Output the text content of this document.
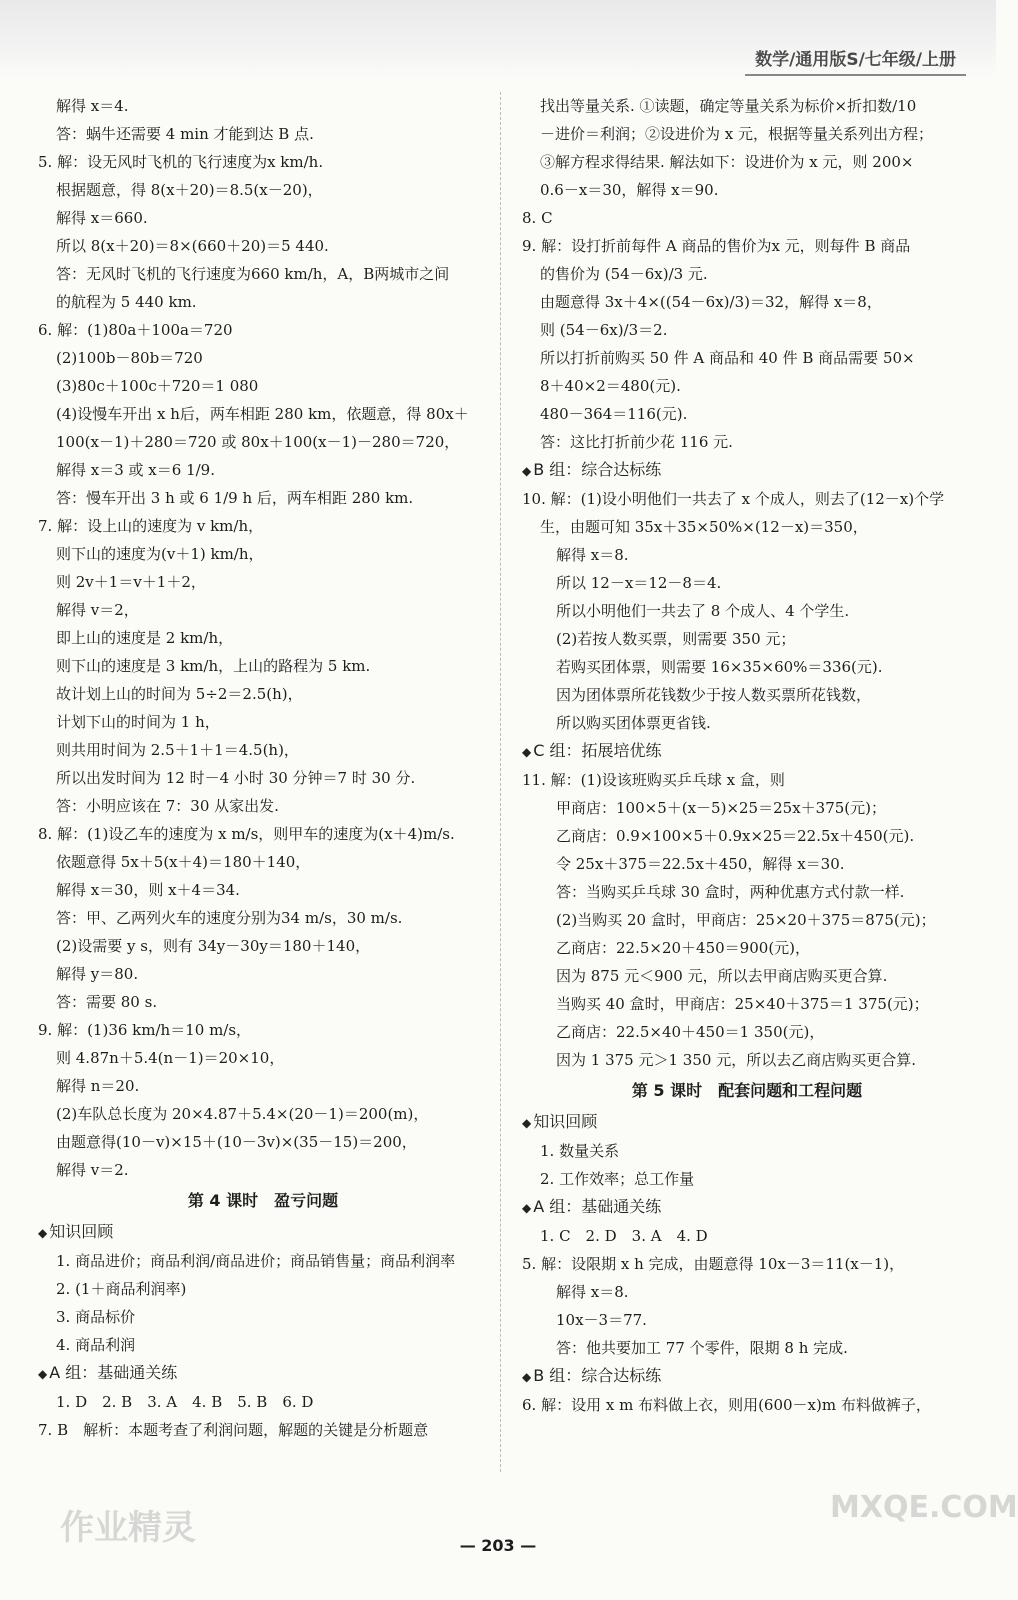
数学/通用版S/七年级/上册
解得 x＝4.
答：蜗牛还需要 4 min 才能到达 B 点.
5. 解：设无风时飞机的飞行速度为x km/h.
根据题意，得 8(x＋20)＝8.5(x－20)，
解得 x＝660.
所以 8(x＋20)＝8×(660＋20)＝5 440.
答：无风时飞机的飞行速度为660 km/h，A，B两城市之间
的航程为 5 440 km.
6. 解：(1)80a＋100a＝720
(2)100b－80b＝720
(3)80c＋100c＋720＝1 080
(4)设慢车开出 x h后，两车相距 280 km，依题意，得 80x＋
100(x－1)＋280＝720 或 80x＋100(x－1)－280＝720，
解得 x＝3 或 x＝6 1/9.
答：慢车开出 3 h 或 6 1/9 h 后，两车相距 280 km.
7. 解：设上山的速度为 v km/h，
则下山的速度为(v＋1) km/h，
则 2v＋1＝v＋1＋2，
解得 v＝2，
即上山的速度是 2 km/h，
则下山的速度是 3 km/h，上山的路程为 5 km.
故计划上山的时间为 5÷2＝2.5(h)，
计划下山的时间为 1 h，
则共用时间为 2.5＋1＋1＝4.5(h)，
所以出发时间为 12 时－4 小时 30 分钟＝7 时 30 分.
答：小明应该在 7：30 从家出发.
8. 解：(1)设乙车的速度为 x m/s，则甲车的速度为(x＋4)m/s.
依题意得 5x＋5(x＋4)＝180＋140，
解得 x＝30，则 x＋4＝34.
答：甲、乙两列火车的速度分别为34 m/s，30 m/s.
(2)设需要 y s，则有 34y－30y＝180＋140，
解得 y＝80.
答：需要 80 s.
9. 解：(1)36 km/h＝10 m/s，
则 4.87n＋5.4(n－1)＝20×10，
解得 n＝20.
(2)车队总长度为 20×4.87＋5.4×(20－1)＝200(m)，
由题意得(10－v)×15＋(10－3v)×(35－15)＝200，
解得 v＝2.
第 4 课时　盈亏问题
◆ 知识回顾
1. 商品进价；商品利润/商品进价；商品销售量；商品利润率
2. (1＋商品利润率)
3. 商品标价
4. 商品利润
◆ A 组：基础通关练
1. D　2. B　3. A　4. B　5. B　6. D
7. B　解析：本题考查了利润问题，解题的关键是分析题意
找出等量关系. ①读题，确定等量关系为标价×折扣数/10
－进价＝利润；②设进价为 x 元，根据等量关系列出方程；
③解方程求得结果. 解法如下：设进价为 x 元，则 200×
0.6－x＝30，解得 x＝90.
8. C
9. 解：设打折前每件 A 商品的售价为x 元，则每件 B 商品
的售价为 (54－6x)/3 元.
由题意得 3x＋4×((54－6x)/3)＝32，解得 x＝8，
则 (54－6x)/3＝2.
所以打折前购买 50 件 A 商品和 40 件 B 商品需要 50×
8＋40×2＝480(元).
480－364＝116(元).
答：这比打折前少花 116 元.
◆ B 组：综合达标练
10. 解：(1)设小明他们一共去了 x 个成人，则去了(12－x)个学
生，由题可知 35x＋35×50%×(12－x)＝350，
解得 x＝8.
所以 12－x＝12－8＝4.
所以小明他们一共去了 8 个成人、4 个学生.
(2)若按人数买票，则需要 350 元；
若购买团体票，则需要 16×35×60%＝336(元).
因为团体票所花钱数少于按人数买票所花钱数，
所以购买团体票更省钱.
◆ C 组：拓展培优练
11. 解：(1)设该班购买乒乓球 x 盒，则
甲商店：100×5＋(x－5)×25＝25x＋375(元)；
乙商店：0.9×100×5＋0.9x×25＝22.5x＋450(元).
令 25x＋375＝22.5x＋450，解得 x＝30.
答：当购买乒乓球 30 盒时，两种优惠方式付款一样.
(2)当购买 20 盒时，甲商店：25×20＋375＝875(元)；
乙商店：22.5×20＋450＝900(元)，
因为 875 元＜900 元，所以去甲商店购买更合算.
当购买 40 盒时，甲商店：25×40＋375＝1 375(元)；
乙商店：22.5×40＋450＝1 350(元)，
因为 1 375 元＞1 350 元，所以去乙商店购买更合算.
第 5 课时　配套问题和工程问题
◆ 知识回顾
1. 数量关系
2. 工作效率；总工作量
◆ A 组：基础通关练
1. C　2. D　3. A　4. D
5. 解：设限期 x h 完成，由题意得 10x－3＝11(x－1)，
解得 x＝8.
10x－3＝77.
答：他共要加工 77 个零件，限期 8 h 完成.
◆ B 组：综合达标练
6. 解：设用 x m 布料做上衣，则用(600－x)m 布料做裤子，
— 203 —
作业精灵
MXQE.COM
